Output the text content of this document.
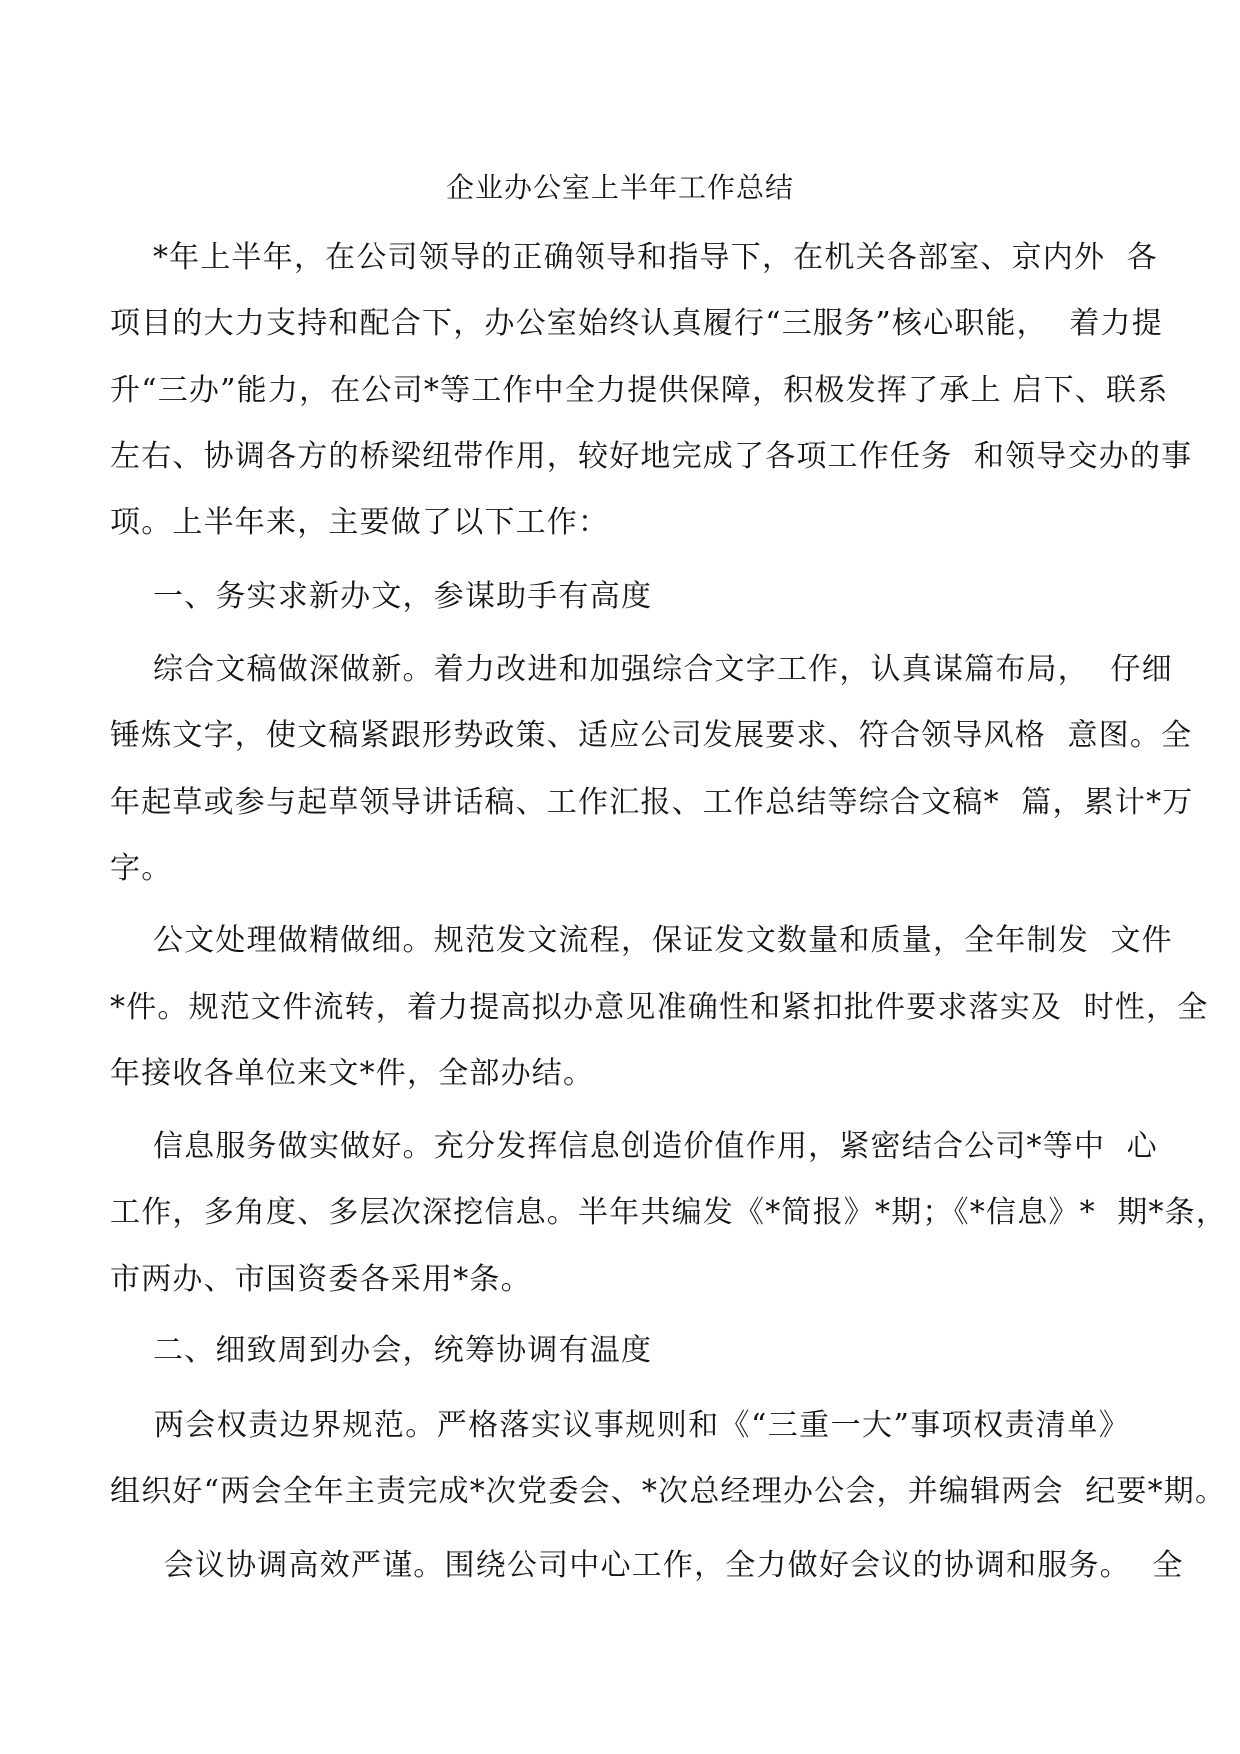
企业办公室上半年工作总结
*年上半年，在公司领导的正确领导和指导下，在机关各部室、京内外  各
项目的大力支持和配合下，办公室始终认真履行“三服务”核心职能，  着力提
升“三办”能力，在公司*等工作中全力提供保障，积极发挥了承上 启下、联系
左右、协调各方的桥梁纽带作用，较好地完成了各项工作任务  和领导交办的事
项。上半年来，主要做了以下工作：
一、务实求新办文，参谋助手有高度
综合文稿做深做新。着力改进和加强综合文字工作，认真谋篇布局，  仔细
锤炼文字，使文稿紧跟形势政策、适应公司发展要求、符合领导风格  意图。全
年起草或参与起草领导讲话稿、工作汇报、工作总结等综合文稿*  篇，累计*万
字。
公文处理做精做细。规范发文流程，保证发文数量和质量，全年制发  文件
*件。规范文件流转，着力提高拟办意见准确性和紧扣批件要求落实及  时性，全
年接收各单位来文*件，全部办结。
信息服务做实做好。充分发挥信息创造价值作用，紧密结合公司*等中  心
工作，多角度、多层次深挖信息。半年共编发《*简报》*期；《*信息》*  期*条，
市两办、市国资委各采用*条。
二、细致周到办会，统筹协调有温度
两会权责边界规范。严格落实议事规则和《“三重一大”事项权责清单》
组织好“两会全年主责完成*次党委会、*次总经理办公会，并编辑两会  纪要*期。
会议协调高效严谨。围绕公司中心工作，全力做好会议的协调和服务。  全
